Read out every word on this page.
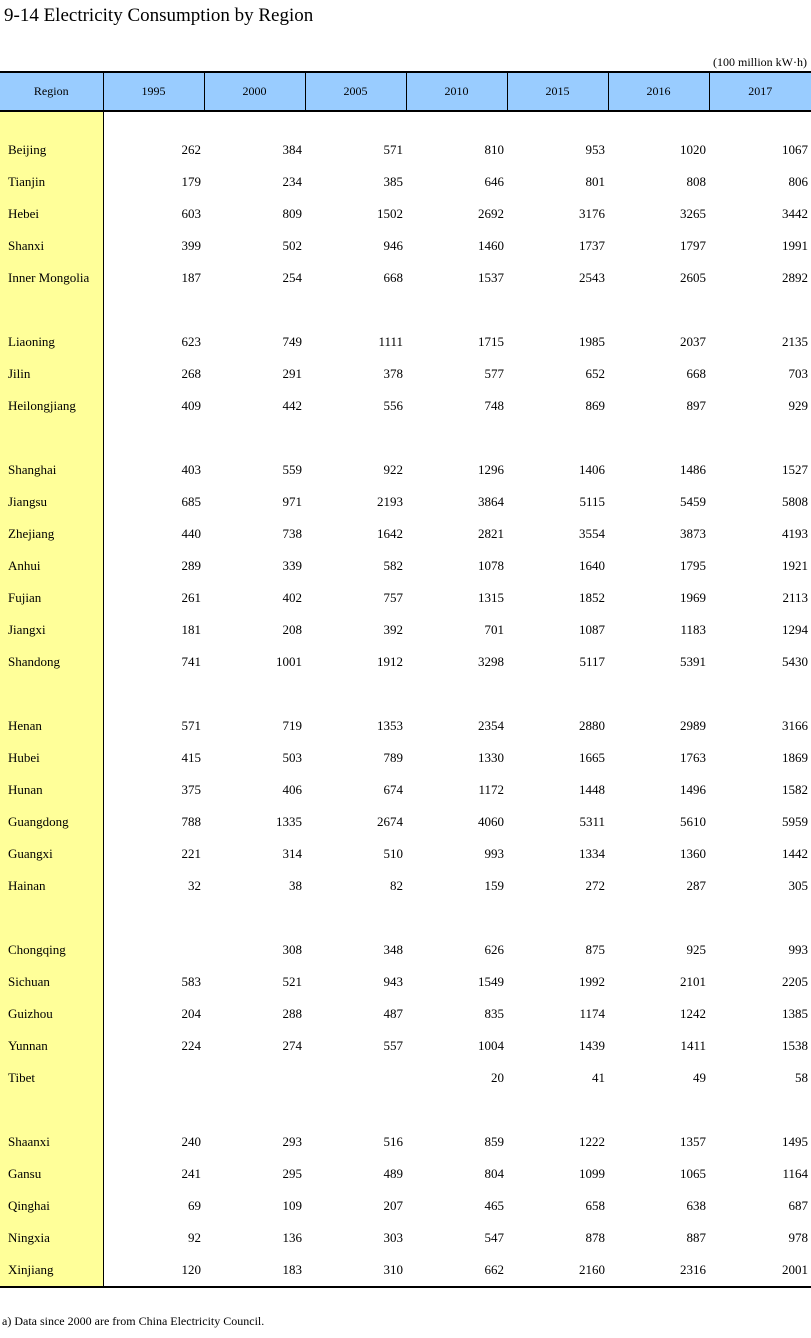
9-14 Electricity Consumption by Region
(100 million kW·h)
Region	1995	2000	2005	2010	2015	2016	2017

Beijing	262	384	571	810	953	1020	1067
Tianjin	179	234	385	646	801	808	806
Hebei	603	809	1502	2692	3176	3265	3442
Shanxi	399	502	946	1460	1737	1797	1991
Inner Mongolia	187	254	668	1537	2543	2605	2892

Liaoning	623	749	1111	1715	1985	2037	2135
Jilin	268	291	378	577	652	668	703
Heilongjiang	409	442	556	748	869	897	929

Shanghai	403	559	922	1296	1406	1486	1527
Jiangsu	685	971	2193	3864	5115	5459	5808
Zhejiang	440	738	1642	2821	3554	3873	4193
Anhui	289	339	582	1078	1640	1795	1921
Fujian	261	402	757	1315	1852	1969	2113
Jiangxi	181	208	392	701	1087	1183	1294
Shandong	741	1001	1912	3298	5117	5391	5430

Henan	571	719	1353	2354	2880	2989	3166
Hubei	415	503	789	1330	1665	1763	1869
Hunan	375	406	674	1172	1448	1496	1582
Guangdong	788	1335	2674	4060	5311	5610	5959
Guangxi	221	314	510	993	1334	1360	1442
Hainan	32	38	82	159	272	287	305

Chongqing		308	348	626	875	925	993
Sichuan	583	521	943	1549	1992	2101	2205
Guizhou	204	288	487	835	1174	1242	1385
Yunnan	224	274	557	1004	1439	1411	1538
Tibet				20	41	49	58

Shaanxi	240	293	516	859	1222	1357	1495
Gansu	241	295	489	804	1099	1065	1164
Qinghai	69	109	207	465	658	638	687
Ningxia	92	136	303	547	878	887	978
Xinjiang	120	183	310	662	2160	2316	2001
a) Data since 2000 are from China Electricity Council.
